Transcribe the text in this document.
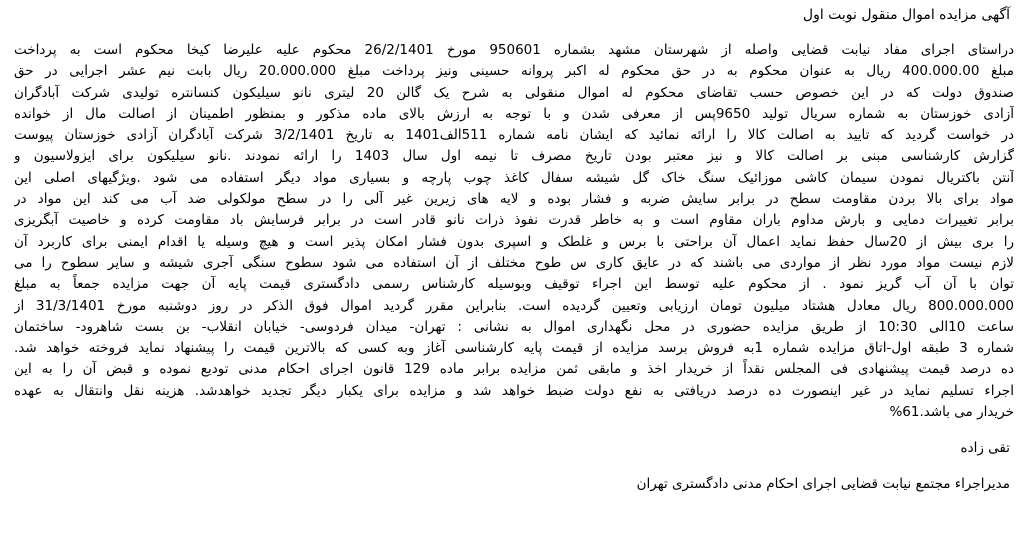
آگهی مزایده اموال منقول نوبت اول
دراستای اجرای مفاد نیابت قضایی واصله از شهرستان مشهد بشماره 950601 مورخ 26/2/1401 محکوم علیه علیرضا کیخا محکوم است به پرداخت
مبلغ 400.000.00 ریال به عنوان محکوم به در حق محکوم له اکبر پروانه حسینی ونیز پرداخت مبلغ 20.000.000 ریال بابت نیم عشر اجرایی در حق
صندوق دولت که در این خصوص حسب تقاضای محکوم له اموال منقولی به شرح یک گالن 20 لیتری نانو سیلیکون کنسانتره تولیدی شرکت آبادگران
آزادی خوزستان به شماره سریال تولید 9650پس از معرفی شدن و با توجه به ارزش بالای ماده مذکور و بمنظور اطمینان از اصالت مال از خوانده
در خواست گردید که تایید به اصالت کالا را ارائه نمائید که ایشان نامه شماره 511الف1401 به تاریخ 3/2/1401 شرکت آبادگران آزادی خوزستان پیوست
گزارش کارشناسی مبنی بر اصالت کالا و نیز معتبر بودن تاریخ مصرف تا نیمه اول سال 1403 را ارائه نمودند .نانو سیلیکون برای ایزولاسیون و
آنتن باکتریال نمودن سیمان کاشی موزائیک سنگ خاک گل شیشه سفال کاغذ چوب پارچه و بسیاری مواد دیگر استفاده می شود .ویژگیهای اصلی این
مواد برای بالا بردن مقاومت سطح در برابر سایش ضربه و فشار بوده و لایه های زیرین غیر آلی را در سطح مولکولی ضد آب می کند این مواد در
برابر تغییرات دمایی و بارش مداوم باران مقاوم است و به خاطر قدرت نفوذ ذرات نانو قادر است در برابر فرسایش باد مقاومت کرده و خاصیت آبگریزی
را بری بیش از 20سال حفظ نماید اعمال آن براحتی با برس و غلطک و اسپری بدون فشار امکان پذیر است و هیچ وسیله یا اقدام ایمنی برای کاربرد آن
لازم نیست مواد مورد نظر از مواردی می باشند که در عایق کاری س طوح مختلف از آن استفاده می شود سطوح سنگی آجری شیشه و سایر سطوح را می
توان با آن آب گریز نمود . از محکوم علیه توسط این اجراء توقیف وبوسیله کارشناس رسمی دادگستری قیمت پایه آن جهت مزایده جمعاً به مبلغ
800.000.000 ریال معادل هشتاد میلیون تومان ارزیابی وتعیین گردیده است. بنابراین مقرر گردید اموال فوق الذکر در روز دوشنبه مورخ 31/3/1401 از
ساعت 10الی 10:30 از طریق مزایده حضوری در محل نگهداری اموال به نشانی : تهران- میدان فردوسی- خیابان انقلاب- بن بست شاهرود- ساختمان
شماره 3 طبقه اول-اتاق مزایده شماره 1به فروش برسد مزایده از قیمت پایه کارشناسی آغاز وبه کسی که بالاترین قیمت را پیشنهاد نماید فروخته خواهد شد.
ده درصد قیمت پیشنهادی فی المجلس نقداً از خریدار اخذ و مابقی ثمن مزایده برابر ماده 129 قانون اجرای احکام مدنی تودیع نموده و قبض آن را به این
اجراء تسلیم نماید در غیر اینصورت ده درصد دریافتی به نفع دولت ضبط خواهد شد و مزایده برای یکبار دیگر تجدید خواهدشد. هزینه نقل وانتقال به عهده
خریدار می باشد.61%
تقی زاده
مدیراجراء مجتمع نیابت قضایی اجرای احکام مدنی دادگستری تهران
